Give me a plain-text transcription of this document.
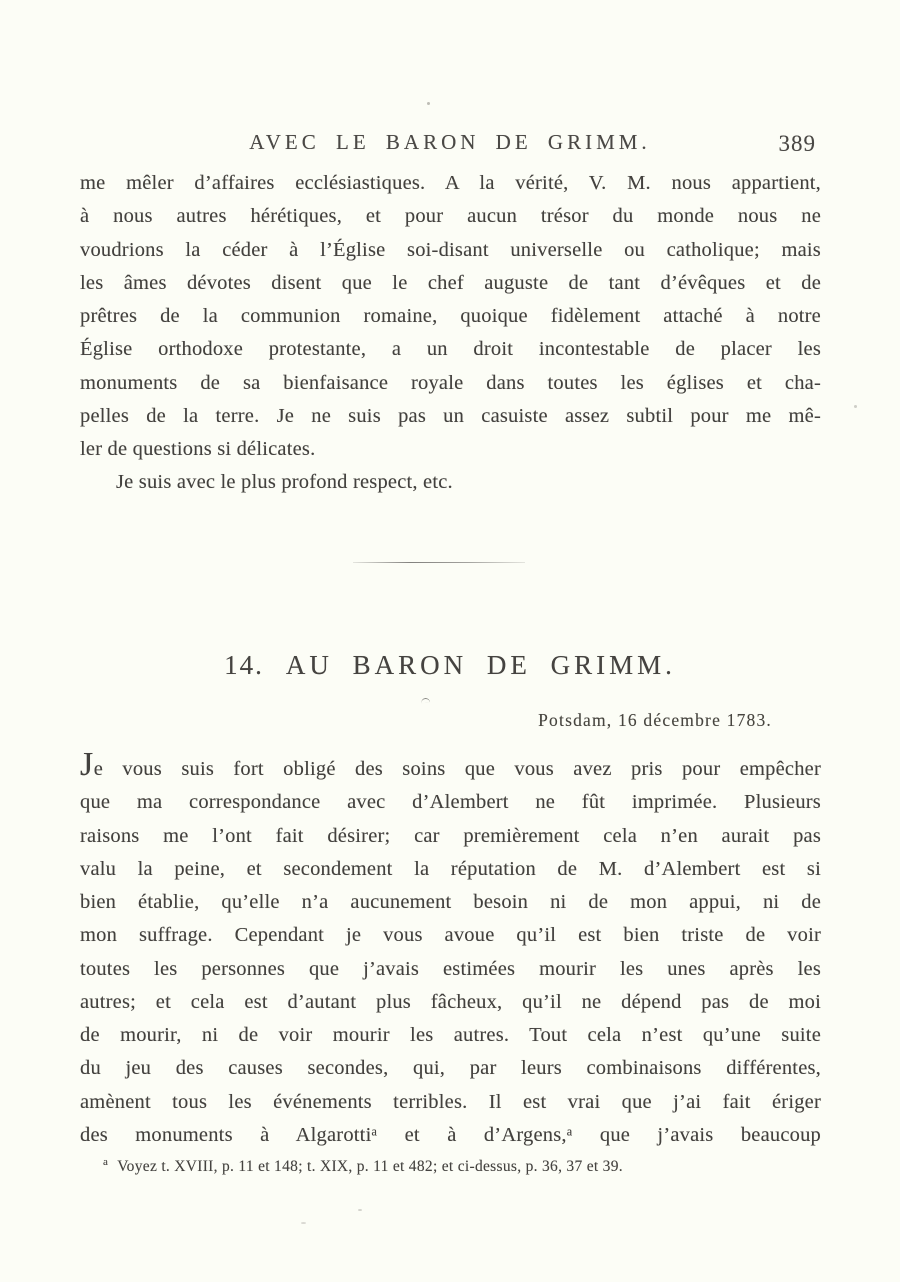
AVEC LE BARON DE GRIMM.	389
me mêler d’affaires ecclésiastiques. A la vérité, V. M. nous appartient,
à nous autres hérétiques, et pour aucun trésor du monde nous ne
voudrions la céder à l’Église soi-disant universelle ou catholique; mais
les âmes dévotes disent que le chef auguste de tant d’évêques et de
prêtres de la communion romaine, quoique fidèlement attaché à notre
Église orthodoxe protestante, a un droit incontestable de placer les
monuments de sa bienfaisance royale dans toutes les églises et cha-
pelles de la terre. Je ne suis pas un casuiste assez subtil pour me mê-
ler de questions si délicates.
Je suis avec le plus profond respect, etc.
14. AU BARON DE GRIMM.
Potsdam, 16 décembre 1783.
Je vous suis fort obligé des soins que vous avez pris pour empêcher
que ma correspondance avec d’Alembert ne fût imprimée. Plusieurs
raisons me l’ont fait désirer; car premièrement cela n’en aurait pas
valu la peine, et secondement la réputation de M. d’Alembert est si
bien établie, qu’elle n’a aucunement besoin ni de mon appui, ni de
mon suffrage. Cependant je vous avoue qu’il est bien triste de voir
toutes les personnes que j’avais estimées mourir les unes après les
autres; et cela est d’autant plus fâcheux, qu’il ne dépend pas de moi
de mourir, ni de voir mourir les autres. Tout cela n’est qu’une suite
du jeu des causes secondes, qui, par leurs combinaisons différentes,
amènent tous les événements terribles. Il est vrai que j’ai fait ériger
des monuments à Algarottiᵃ et à d’Argens,ᵃ que j’avais beaucoup
$^a$ Voyez t. XVIII, p. 11 et 148; t. XIX, p. 11 et 482; et ci-dessus, p. 36, 37 et 39.
